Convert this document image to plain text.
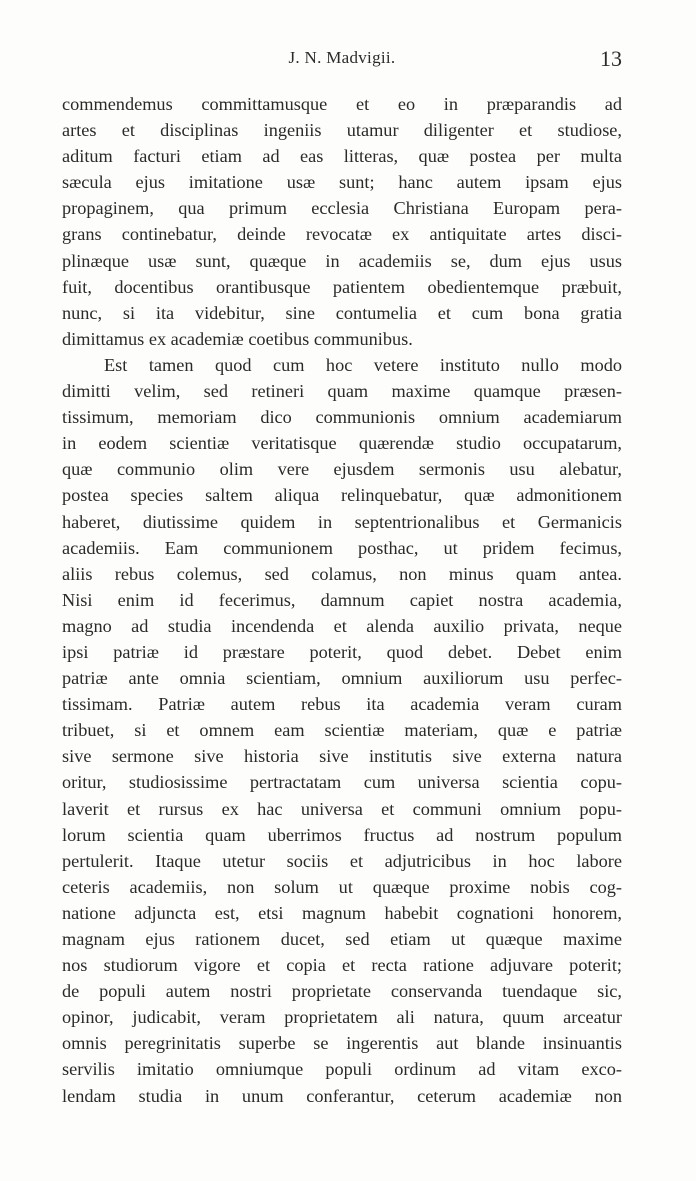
J. N. Madvigii.	13
commendemus committamusque et eo in præparandis ad
artes et disciplinas ingeniis utamur diligenter et studiose,
aditum facturi etiam ad eas litteras, quæ postea per multa
sæcula ejus imitatione usæ sunt; hanc autem ipsam ejus
propaginem, qua primum ecclesia Christiana Europam pera-
grans continebatur, deinde revocatæ ex antiquitate artes disci-
plinæque usæ sunt, quæque in academiis se, dum ejus usus
fuit, docentibus orantibusque patientem obedientemque præbuit,
nunc, si ita videbitur, sine contumelia et cum bona gratia
dimittamus ex academiæ coetibus communibus.
Est tamen quod cum hoc vetere instituto nullo modo
dimitti velim, sed retineri quam maxime quamque præsen-
tissimum, memoriam dico communionis omnium academiarum
in eodem scientiæ veritatisque quærendæ studio occupatarum,
quæ communio olim vere ejusdem sermonis usu alebatur,
postea species saltem aliqua relinquebatur, quæ admonitionem
haberet, diutissime quidem in septentrionalibus et Germanicis
academiis. Eam communionem posthac, ut pridem fecimus,
aliis rebus colemus, sed colamus, non minus quam antea.
Nisi enim id fecerimus, damnum capiet nostra academia,
magno ad studia incendenda et alenda auxilio privata, neque
ipsi patriæ id præstare poterit, quod debet. Debet enim
patriæ ante omnia scientiam, omnium auxiliorum usu perfec-
tissimam. Patriæ autem rebus ita academia veram curam
tribuet, si et omnem eam scientiæ materiam, quæ e patriæ
sive sermone sive historia sive institutis sive externa natura
oritur, studiosissime pertractatam cum universa scientia copu-
laverit et rursus ex hac universa et communi omnium popu-
lorum scientia quam uberrimos fructus ad nostrum populum
pertulerit. Itaque utetur sociis et adjutricibus in hoc labore
ceteris academiis, non solum ut quæque proxime nobis cog-
natione adjuncta est, etsi magnum habebit cognationi honorem,
magnam ejus rationem ducet, sed etiam ut quæque maxime
nos studiorum vigore et copia et recta ratione adjuvare poterit;
de populi autem nostri proprietate conservanda tuendaque sic,
opinor, judicabit, veram proprietatem ali natura, quum arceatur
omnis peregrinitatis superbe se ingerentis aut blande insinuantis
servilis imitatio omniumque populi ordinum ad vitam exco-
lendam studia in unum conferantur, ceterum academiæ non
